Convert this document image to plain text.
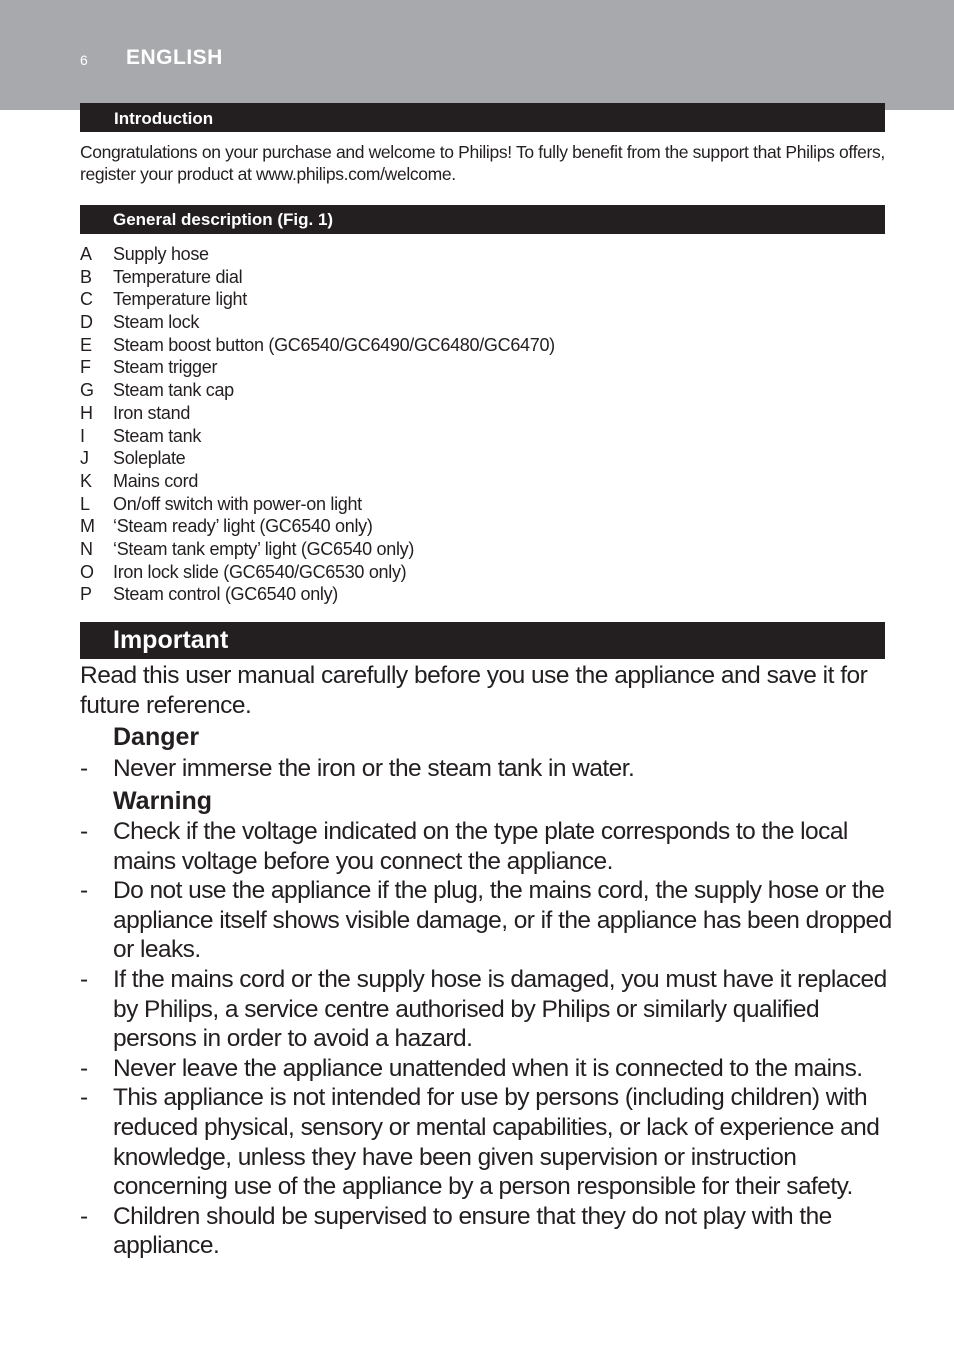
6 ENGLISH
Introduction
Congratulations on your purchase and welcome to Philips! To fully benefit from the support that Philips offers, register your product at www.philips.com/welcome.
General description (Fig. 1)
A Supply hose
B Temperature dial
C Temperature light
D Steam lock
E Steam boost button (GC6540/GC6490/GC6480/GC6470)
F Steam trigger
G Steam tank cap
H Iron stand
I Steam tank
J Soleplate
K Mains cord
L On/off switch with power-on light
M ‘Steam ready’ light (GC6540 only)
N ‘Steam tank empty’ light (GC6540 only)
O Iron lock slide (GC6540/GC6530 only)
P Steam control (GC6540 only)
Important
Read this user manual carefully before you use the appliance and save it for future reference.
Danger
- Never immerse the iron or the steam tank in water.
Warning
- Check if the voltage indicated on the type plate corresponds to the local mains voltage before you connect the appliance.
- Do not use the appliance if the plug, the mains cord, the supply hose or the appliance itself shows visible damage, or if the appliance has been dropped or leaks.
- If the mains cord or the supply hose is damaged, you must have it replaced by Philips, a service centre authorised by Philips or similarly qualified persons in order to avoid a hazard.
- Never leave the appliance unattended when it is connected to the mains.
- This appliance is not intended for use by persons (including children) with reduced physical, sensory or mental capabilities, or lack of experience and knowledge, unless they have been given supervision or instruction concerning use of the appliance by a person responsible for their safety.
- Children should be supervised to ensure that they do not play with the appliance.
